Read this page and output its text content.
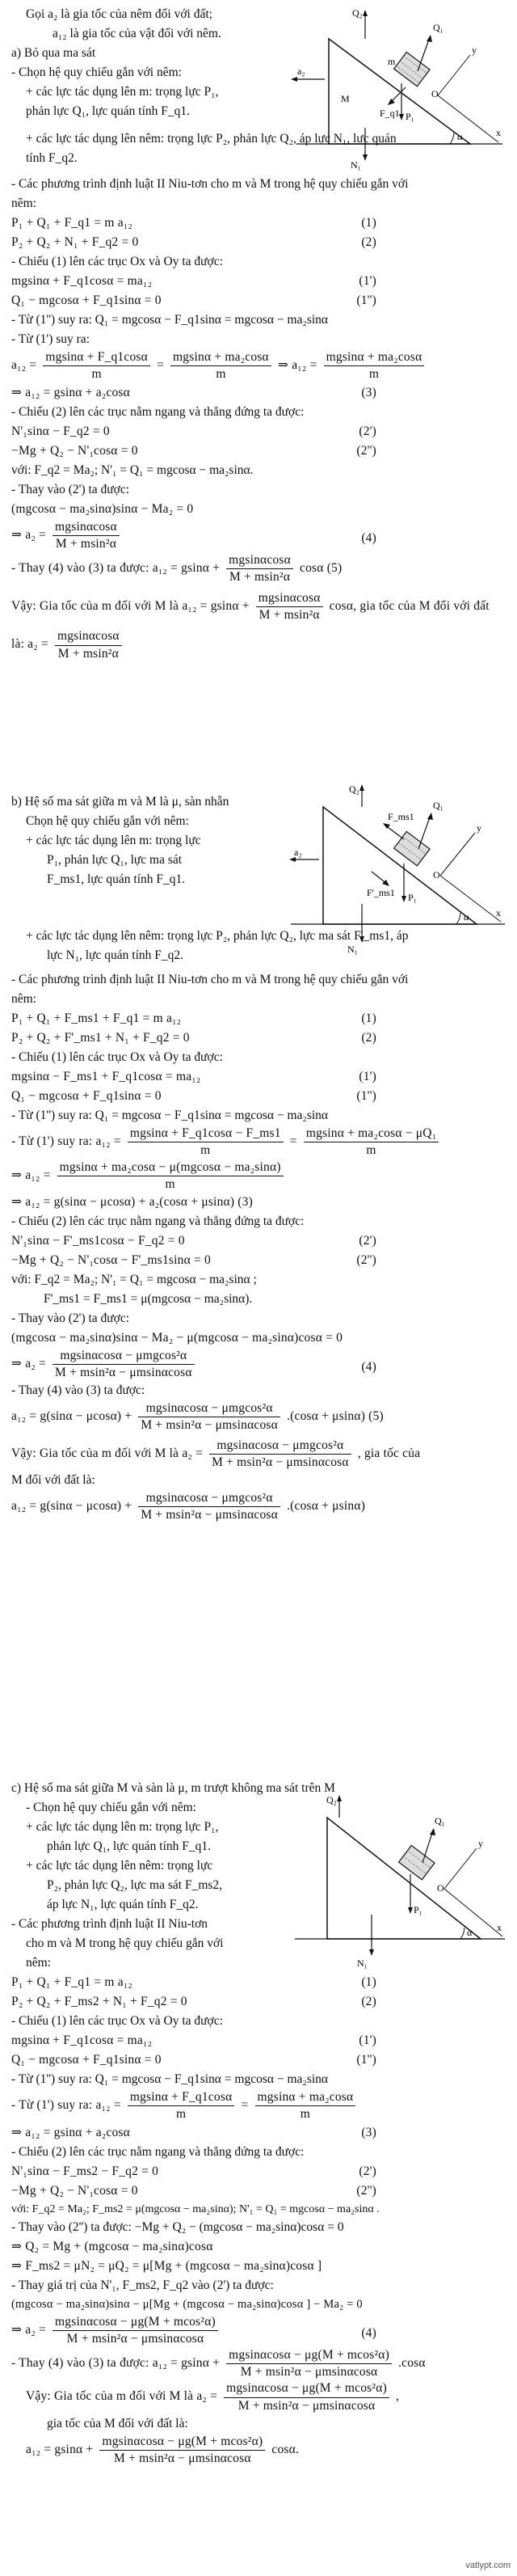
Gọi a₂ là gia tốc của nêm đối với đất;
a₁₂ là gia tốc của vật đối với nêm.
Q₂
a₂
M
m
Q₁
F_q1 P₁
N₁
O
y
x
α
a) Bỏ qua ma sát
- Chọn hệ quy chiếu gắn với nêm:
+ các lực tác dụng lên m: trọng lực P₁,
phản lực Q₁, lực quán tính F_q1.
+ các lực tác dụng lên nêm: trọng lực P₂, phản lực Q₂, áp lực N₁, lực quán
tính F_q2.
- Các phương trình định luật II Niu-tơn cho m và M trong hệ quy chiếu gắn với
nêm:
P₁ + Q₁ + F_q1 = m a₁₂	(1)
P₂ + Q₂ + N₁ + F_q2 = 0	(2)
- Chiếu (1) lên các trục Ox và Oy ta được:
mgsinα + F_q1cosα = ma₁₂	(1')
Q₁ − mgcosα + F_q1sinα = 0	(1'')
- Từ (1'') suy ra: Q₁ = mgcosα − F_q1sinα = mgcosα − ma₂sinα
- Từ (1') suy ra:
$a_{12} = \frac{mgsin\alpha + F\_q1\cos\alpha}{m} = \frac{\text{mgsinα + ma₂cosα}}{m}$ ⇒ $a_{12} = \frac{\text{mgsinα + ma₂cosα}}{m}$
⇒ a₁₂ = gsinα + a₂cosα	(3)
- Chiếu (2) lên các trục nằm ngang và thẳng đứng ta được:
N'₁sinα − F_q2 = 0	(2')
−Mg + Q₂ − N'₁cosα = 0	(2'')
với: F_q2 = Ma₂; N'₁ = Q₁ = mgcosα − ma₂sinα.
- Thay vào (2') ta được:
(mgcosα − ma₂sinα)sinα − Ma₂ = 0
⇒ $a_2 = \frac{mgsin\alpha\cos\alpha}{\text{M + msin²α}}$	(4)
- Thay (4) vào (3) ta được: $a_{12} = gsin\alpha + \frac{mgsin\alpha\cos\alpha}{\text{M + msin²α}}$ cosα (5)
Vậy: Gia tốc của m đối với M là $a_{12} = gsin\alpha + \frac{mgsin\alpha\cos\alpha}{\text{M + msin²α}} \cos\alpha$, gia tốc của M đối với đất
là: $a_2 = \frac{mgsin\alpha\cos\alpha}{\text{M + msin²α}}$
Q₂
a₂
F_ms1
Q₁
F'_ms1 P₁
N₁
O
y
x
α
b) Hệ số ma sát giữa m và M là μ, sàn nhẵn
Chọn hệ quy chiếu gắn với nêm:
+ các lực tác dụng lên m: trọng lực
P₁, phản lực Q₁, lực ma sát
F_ms1, lực quán tính F_q1.
+ các lực tác dụng lên nêm: trọng lực P₂, phản lực Q₂, lực ma sát F'_ms1, áp
lực N₁, lực quán tính F_q2.
- Các phương trình định luật II Niu-tơn cho m và M trong hệ quy chiếu gắn với
nêm:
P₁ + Q₁ + F_ms1 + F_q1 = m a₁₂	(1)
P₂ + Q₂ + F'_ms1 + N₁ + F_q2 = 0	(2)
- Chiếu (1) lên các trục Ox và Oy ta được:
mgsinα − F_ms1 + F_q1cosα = ma₁₂	(1')
Q₁ − mgcosα + F_q1sinα = 0	(1'')
- Từ (1'') suy ra: Q₁ = mgcosα − F_q1sinα = mgcosα − ma₂sinα
- Từ (1') suy ra: $a_{12} = \frac{mgsin\alpha + F\_q1\cos\alpha - F\_ms1}{m} = \frac{\text{mgsinα + ma₂cosα − μQ₁}}{m}$
⇒ $a_{12} = \frac{\text{mgsinα + ma₂cosα − μ(mgcosα − ma₂sinα)}}{m}$
⇒ a₁₂ = g(sinα − μcosα) + a₂(cosα + μsinα) (3)
- Chiếu (2) lên các trục nằm ngang và thẳng đứng ta được:
N'₁sinα − F'_ms1cosα − F_q2 = 0	(2')
−Mg + Q₂ − N'₁cosα − F'_ms1sinα = 0	(2'')
với: F_q2 = Ma₂; N'₁ = Q₁ = mgcosα − ma₂sinα ;
F'_ms1 = F_ms1 = μ(mgcosα − ma₂sinα).
- Thay vào (2') ta được:
(mgcosα − ma₂sinα)sinα − Ma₂ − μ(mgcosα − ma₂sinα)cosα = 0
⇒ $a_2 = \frac{\text{mgsinαcosα − μmgcos²α}}{\text{M + msin²α − μmsinαcosα}}$	(4)
- Thay (4) vào (3) ta được:
$a_{12} = g(\sin\alpha - \mu\cos\alpha) + \frac{\text{mgsinαcosα − μmgcos²α}}{\text{M + msin²α − μmsinαcosα}} .(\cos\alpha + \mu\sin\alpha)$ (5)
Vậy: Gia tốc của m đối với M là $a_2 = \frac{\text{mgsinαcosα − μmgcos²α}}{\text{M + msin²α − μmsinαcosα}}$ , gia tốc của
M đối với đất là:
$a_{12} = g(\sin\alpha - \mu\cos\alpha) + \frac{\text{mgsinαcosα − μmgcos²α}}{\text{M + msin²α − μmsinαcosα}} .(\cos\alpha + \mu\sin\alpha)$
Q₂
Q₁
P₁
N₁
O
y
x
α
c) Hệ số ma sát giữa M và sàn là μ, m trượt không ma sát trên M
- Chọn hệ quy chiếu gắn với nêm:
+ các lực tác dụng lên m: trọng lực P₁,
phản lực Q₁, lực quán tính F_q1.
+ các lực tác dụng lên nêm: trọng lực
P₂, phản lực Q₂, lực ma sát F_ms2,
áp lực N₁, lực quán tính F_q2.
- Các phương trình định luật II Niu-tơn
cho m và M trong hệ quy chiếu gắn với
nêm:
P₁ + Q₁ + F_q1 = m a₁₂	(1)
P₂ + Q₂ + F_ms2 + N₁ + F_q2 = 0	(2)
- Chiếu (1) lên các trục Ox và Oy ta được:
mgsinα + F_q1cosα = ma₁₂	(1')
Q₁ − mgcosα + F_q1sinα = 0	(1'')
- Từ (1'') suy ra: Q₁ = mgcosα − F_q1sinα = mgcosα − ma₂sinα
- Từ (1') suy ra: $a_{12} = \frac{mgsin\alpha + F\_q1\cos\alpha}{m} = \frac{\text{mgsinα + ma₂cosα}}{m}$
⇒ a₁₂ = gsinα + a₂cosα	(3)
- Chiếu (2) lên các trục nằm ngang và thẳng đứng ta được:
N'₁sinα − F_ms2 − F_q2 = 0	(2')
−Mg + Q₂ − N'₁cosα = 0	(2'')
với: F_q2 = Ma₂; F_ms2 = μ(mgcosα − ma₂sinα); N'₁ = Q₁ = mgcosα − ma₂sinα .
- Thay vào (2'') ta được: −Mg + Q₂ − (mgcosα − ma₂sinα)cosα = 0
⇒ Q₂ = Mg + (mgcosα − ma₂sinα)cosα
⇒ F_ms2 = μN₂ = μQ₂ = μ[Mg + (mgcosα − ma₂sinα)cosα ]
- Thay giá trị của N'₁, F_ms2, F_q2 vào (2') ta được:
(mgcosα − ma₂sinα)sinα − μ[Mg + (mgcosα − ma₂sinα)cosα ] − Ma₂ = 0
⇒ $a_2 = \frac{\text{mgsinαcosα − μg(M + mcos²α)}}{\text{M + msin²α − μmsinαcosα}}$	(4)
- Thay (4) vào (3) ta được: $a_{12} = gsin\alpha + \frac{\text{mgsinαcosα − μg(M + mcos²α)}}{\text{M + msin²α − μmsinαcosα}} .\cos\alpha$
Vậy: Gia tốc của m đối với M là $a_2 = \frac{\text{mgsinαcosα − μg(M + mcos²α)}}{\text{M + msin²α − μmsinαcosα}}$ ,
gia tốc của M đối với đất là:
$a_{12} = gsin\alpha + \frac{\text{mgsinαcosα − μg(M + mcos²α)}}{\text{M + msin²α − μmsinαcosα}} \cos\alpha$.
vatlypt.com
